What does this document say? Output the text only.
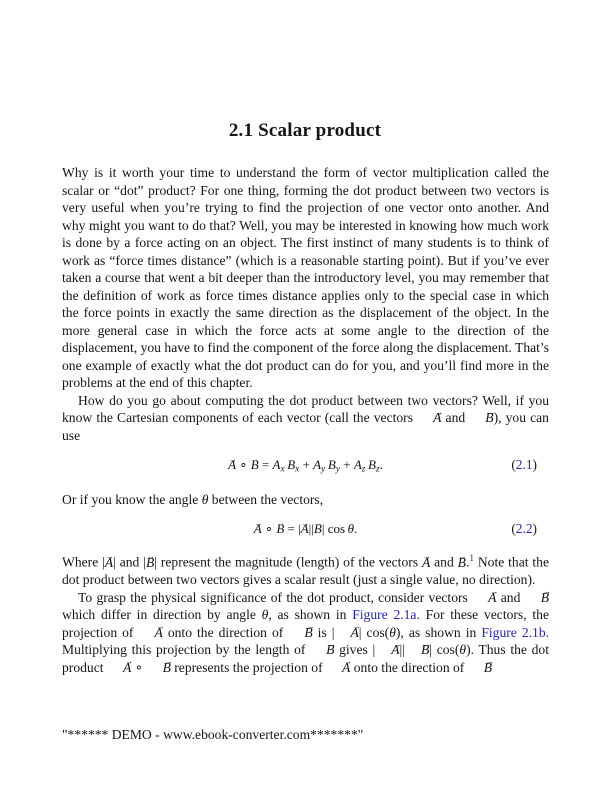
2.1 Scalar product

Why is it worth your time to understand the form of vector multiplication called the scalar or “dot” product? For one thing, forming the dot product between two vectors is very useful when you’re trying to find the projection of one vector onto another. And why might you want to do that? Well, you may be interested in knowing how much work is done by a force acting on an object. The first instinct of many students is to think of work as “force times distance” (which is a reasonable starting point). But if you’ve ever taken a course that went a bit deeper than the introductory level, you may remember that the definition of work as force times distance applies only to the special case in which the force points in exactly the same direction as the displacement of the object. In the more general case in which the force acts at some angle to the direction of the displacement, you have to find the component of the force along the displacement. That’s one example of exactly what the dot product can do for you, and you’ll find more in the problems at the end of this chapter.

How do you go about computing the dot product between two vectors? Well, if you know the Cartesian components of each vector (call the vectors A → and B →), you can use

A → ∘ B → = $A_x$  $B_x + A_y$  $B_y + A_z$  $B_z$.	(2.1)

Or if you know the angle θ between the vectors,

A → ∘ B → = |A →||B →| cos θ.	(2.2)

Where |A →| and |B →| represent the magnitude (length) of the vectors A → and B →.$^1$ Note that the dot product between two vectors gives a scalar result (just a single value, no direction).

To grasp the physical significance of the dot product, consider vectors A → and B → which differ in direction by angle θ, as shown in Figure 2.1a. For these vectors, the projection of A → onto the direction of B → is | A →| cos(θ), as shown in Figure 2.1b. Multiplying this projection by the length of B → gives | A →|| B →| cos(θ). Thus the dot product A → ∘ B → represents the projection of A → onto the direction of B →

"****** DEMO - www.ebook-converter.com*******"
